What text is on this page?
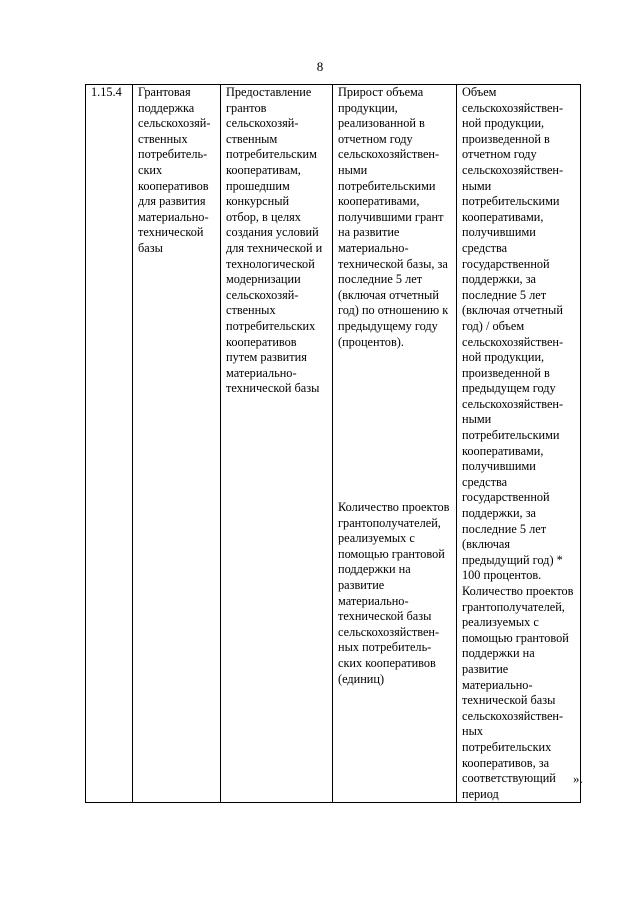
8
1.15.4	Грантовая
поддержка
сельскохозяй-
ственных
потребитель-
ских
кооперативов
для развития
материально-
технической
базы

Предоставление
грантов
сельскохозяй-
ственным
потребительским
кооперативам,
прошедшим
конкурсный
отбор, в целях
создания условий
для технической и
технологической
модернизации
сельскохозяй-
ственных
потребительских
кооперативов
путем развития
материально-
технической базы

Прирост объема
продукции,
реализованной в
отчетном году
сельскохозяйствен-
ными
потребительскими
кооперативами,
получившими грант
на развитие
материально-
технической базы, за
последние 5 лет
(включая отчетный
год) по отношению к
предыдущему году
(процентов).
Количество проектов
грантополучателей,
реализуемых с
помощью грантовой
поддержки на
развитие
материально-
технической базы
сельскохозяйствен-
ных потребитель-
ских кооперативов
(единиц)

Объем
сельскохозяйствен-
ной продукции,
произведенной в
отчетном году
сельскохозяйствен-
ными
потребительскими
кооперативами,
получившими
средства
государственной
поддержки, за
последние 5 лет
(включая отчетный
год) / объем
сельскохозяйствен-
ной продукции,
произведенной в
предыдущем году
сельскохозяйствен-
ными
потребительскими
кооперативами,
получившими
средства
государственной
поддержки, за
последние 5 лет
(включая
предыдущий год) *
100 процентов.
Количество проектов
грантополучателей,
реализуемых с
помощью грантовой
поддержки на
развитие
материально-
технической базы
сельскохозяйствен-
ных
потребительских
кооперативов, за
соответствующий
период
».
